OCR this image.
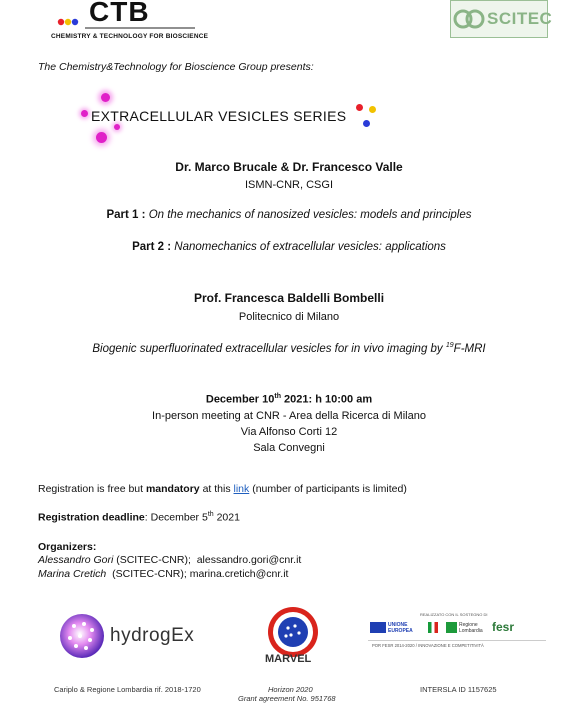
CTB
CHEMISTRY & TECHNOLOGY FOR BIOSCIENCE
SCITEC
The Chemistry&Technology for Bioscience Group presents:
EXTRACELLULAR VESICLES SERIES
Dr. Marco Brucale & Dr. Francesco Valle
ISMN-CNR, CSGI
Part 1 : On the mechanics of nanosized vesicles: models and principles
Part 2 : Nanomechanics of extracellular vesicles: applications
Prof. Francesca Baldelli Bombelli
Politecnico di Milano
Biogenic superfluorinated extracellular vesicles for in vivo imaging by $^{19}$F-MRI
December 10th 2021: h 10:00 am
In-person meeting at CNR - Area della Ricerca di Milano
Via Alfonso Corti 12
Sala Convegni
Registration is free but mandatory at this link (number of participants is limited)
Registration deadline: December 5th 2021
Organizers:
Alessandro Gori (SCITEC-CNR);  alessandro.gori@cnr.it
Marina Cretich  (SCITEC-CNR); marina.cretich@cnr.it
hydrogEx
MARVEL
REALIZZATO CON IL SOSTEGNO DI
UNIONE EUROPEA
Regione Lombardia fesr
POR FESR 2014-2020 / INNOVAZIONE E COMPETITIVITÀ
Cariplo & Regione Lombardia rif. 2018-1720	Horizon 2020
Grant agreement No. 951768
INTERSLA ID 1157625
